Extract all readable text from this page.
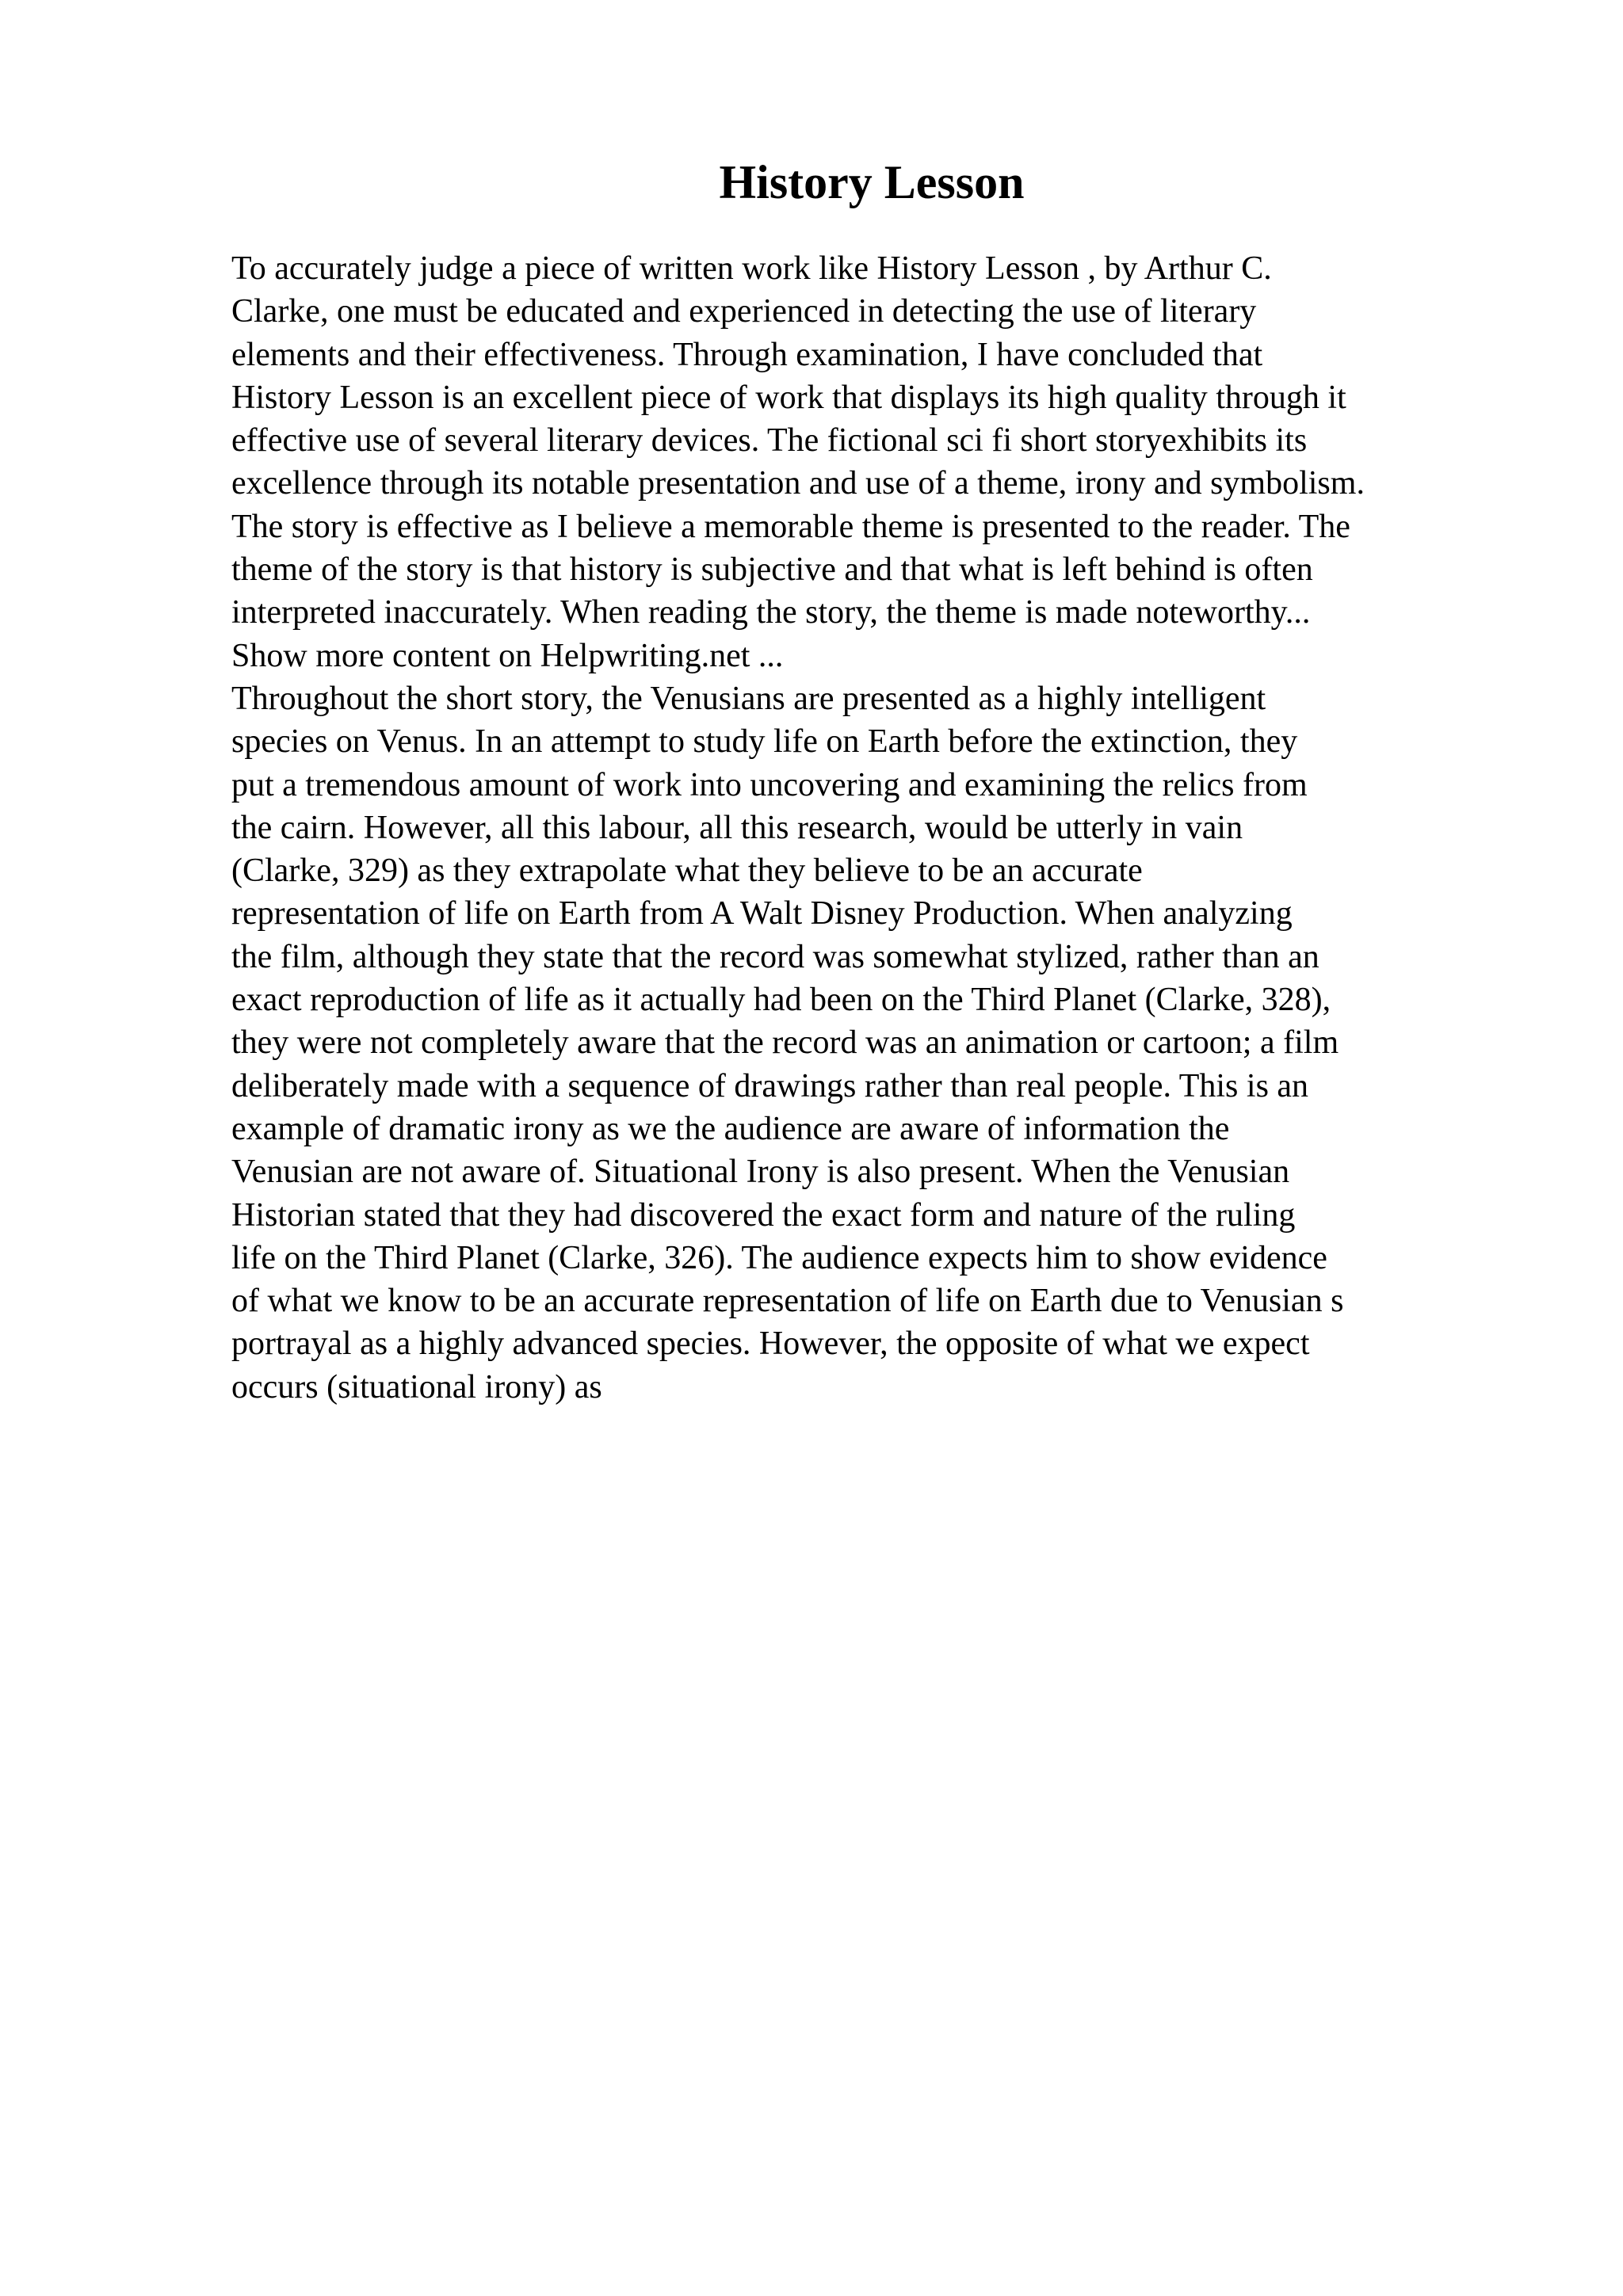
History Lesson
To accurately judge a piece of written work like History Lesson , by Arthur C.
Clarke, one must be educated and experienced in detecting the use of literary
elements and their effectiveness. Through examination, I have concluded that
History Lesson is an excellent piece of work that displays its high quality through it
effective use of several literary devices. The fictional sci fi short storyexhibits its
excellence through its notable presentation and use of a theme, irony and symbolism.
The story is effective as I believe a memorable theme is presented to the reader. The
theme of the story is that history is subjective and that what is left behind is often
interpreted inaccurately. When reading the story, the theme is made noteworthy...
Show more content on Helpwriting.net ...
Throughout the short story, the Venusians are presented as a highly intelligent
species on Venus. In an attempt to study life on Earth before the extinction, they
put a tremendous amount of work into uncovering and examining the relics from
the cairn. However, all this labour, all this research, would be utterly in vain
(Clarke, 329) as they extrapolate what they believe to be an accurate
representation of life on Earth from A Walt Disney Production. When analyzing
the film, although they state that the record was somewhat stylized, rather than an
exact reproduction of life as it actually had been on the Third Planet (Clarke, 328),
they were not completely aware that the record was an animation or cartoon; a film
deliberately made with a sequence of drawings rather than real people. This is an
example of dramatic irony as we the audience are aware of information the
Venusian are not aware of. Situational Irony is also present. When the Venusian
Historian stated that they had discovered the exact form and nature of the ruling
life on the Third Planet (Clarke, 326). The audience expects him to show evidence
of what we know to be an accurate representation of life on Earth due to Venusian s
portrayal as a highly advanced species. However, the opposite of what we expect
occurs (situational irony) as
